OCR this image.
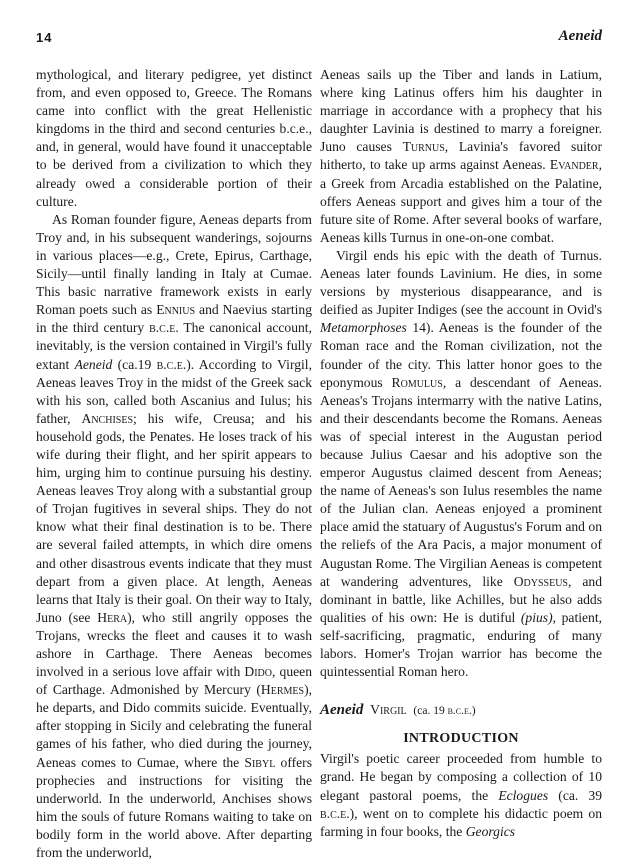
14	Aeneid

mythological, and literary pedigree, yet distinct from, and even opposed to, Greece. The Romans came into conflict with the great Hellenistic kingdoms in the third and second centuries b.c.e., and, in general, would have found it unacceptable to be derived from a civilization to which they already owed a considerable portion of their culture.

As Roman founder figure, Aeneas departs from Troy and, in his subsequent wanderings, sojourns in various places—e.g., Crete, Epirus, Carthage, Sicily—until finally landing in Italy at Cumae. This basic narrative framework exists in early Roman poets such as Ennius and Naevius starting in the third century b.c.e. The canonical account, inevitably, is the version contained in Virgil's fully extant Aeneid (ca.19 b.c.e.). According to Virgil, Aeneas leaves Troy in the midst of the Greek sack with his son, called both Ascanius and Iulus; his father, Anchises; his wife, Creusa; and his household gods, the Penates. He loses track of his wife during their flight, and her spirit appears to him, urging him to continue pursuing his destiny. Aeneas leaves Troy along with a substantial group of Trojan fugitives in several ships. They do not know what their final destination is to be. There are several failed attempts, in which dire omens and other disastrous events indicate that they must depart from a given place. At length, Aeneas learns that Italy is their goal. On their way to Italy, Juno (see Hera), who still angrily opposes the Trojans, wrecks the fleet and causes it to wash ashore in Carthage. There Aeneas becomes involved in a serious love affair with Dido, queen of Carthage. Admonished by Mercury (Hermes), he departs, and Dido commits suicide. Eventually, after stopping in Sicily and celebrating the funeral games of his father, who died during the journey, Aeneas comes to Cumae, where the Sibyl offers prophecies and instructions for visiting the underworld. In the underworld, Anchises shows him the souls of future Romans waiting to take on bodily form in the world above. After departing from the underworld,

Aeneas sails up the Tiber and lands in Latium, where king Latinus offers him his daughter in marriage in accordance with a prophecy that his daughter Lavinia is destined to marry a foreigner. Juno causes Turnus, Lavinia's favored suitor hitherto, to take up arms against Aeneas. Evander, a Greek from Arcadia established on the Palatine, offers Aeneas support and gives him a tour of the future site of Rome. After several books of warfare, Aeneas kills Turnus in one-on-one combat.

Virgil ends his epic with the death of Turnus. Aeneas later founds Lavinium. He dies, in some versions by mysterious disappearance, and is deified as Jupiter Indiges (see the account in Ovid's Metamorphoses 14). Aeneas is the founder of the Roman race and the Roman civilization, not the founder of the city. This latter honor goes to the eponymous Romulus, a descendant of Aeneas. Aeneas's Trojans intermarry with the native Latins, and their descendants become the Romans. Aeneas was of special interest in the Augustan period because Julius Caesar and his adoptive son the emperor Augustus claimed descent from Aeneas; the name of Aeneas's son Iulus resembles the name of the Julian clan. Aeneas enjoyed a prominent place amid the statuary of Augustus's Forum and on the reliefs of the Ara Pacis, a major monument of Augustan Rome. The Virgilian Aeneas is competent at wandering adventures, like Odysseus, and dominant in battle, like Achilles, but he also adds qualities of his own: He is dutiful (pius), patient, self-sacrificing, pragmatic, enduring of many labors. Homer's Trojan warrior has become the quintessential Roman hero.

Aeneid Virgil (ca. 19 b.c.e.)

INTRODUCTION

Virgil's poetic career proceeded from humble to grand. He began by composing a collection of 10 elegant pastoral poems, the Eclogues (ca. 39 b.c.e.), went on to complete his didactic poem on farming in four books, the Georgics
